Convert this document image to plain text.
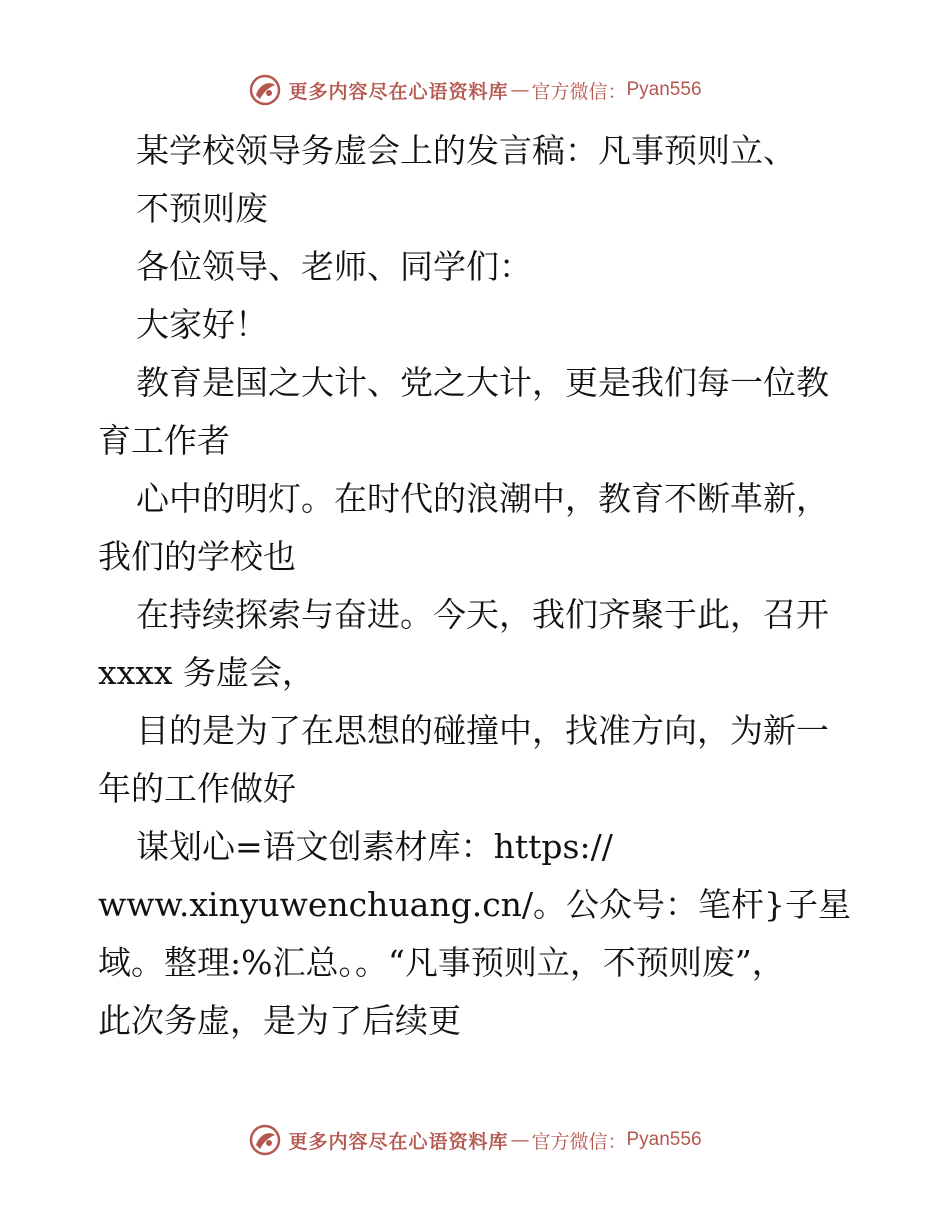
更多内容尽在心语资料库 — 官方微信： Pyan556
某学校领导务虚会上的发言稿：凡事预则立、
不预则废
各位领导、老师、同学们：
大家好！
教育是国之大计、党之大计，更是我们每一位教
育工作者
心中的明灯。在时代的浪潮中，教育不断革新，
我们的学校也
在持续探索与奋进。今天，我们齐聚于此，召开
xxxx 务虚会，
目的是为了在思想的碰撞中，找准方向，为新一
年的工作做好
谋划心=语文创素材库：https://
www.xinyuwenchuang.cn/。公众号：笔杆}子星
域。整理:%汇总。。“凡事预则立，不预则废”，
此次务虚，是为了后续更
更多内容尽在心语资料库 — 官方微信： Pyan556
